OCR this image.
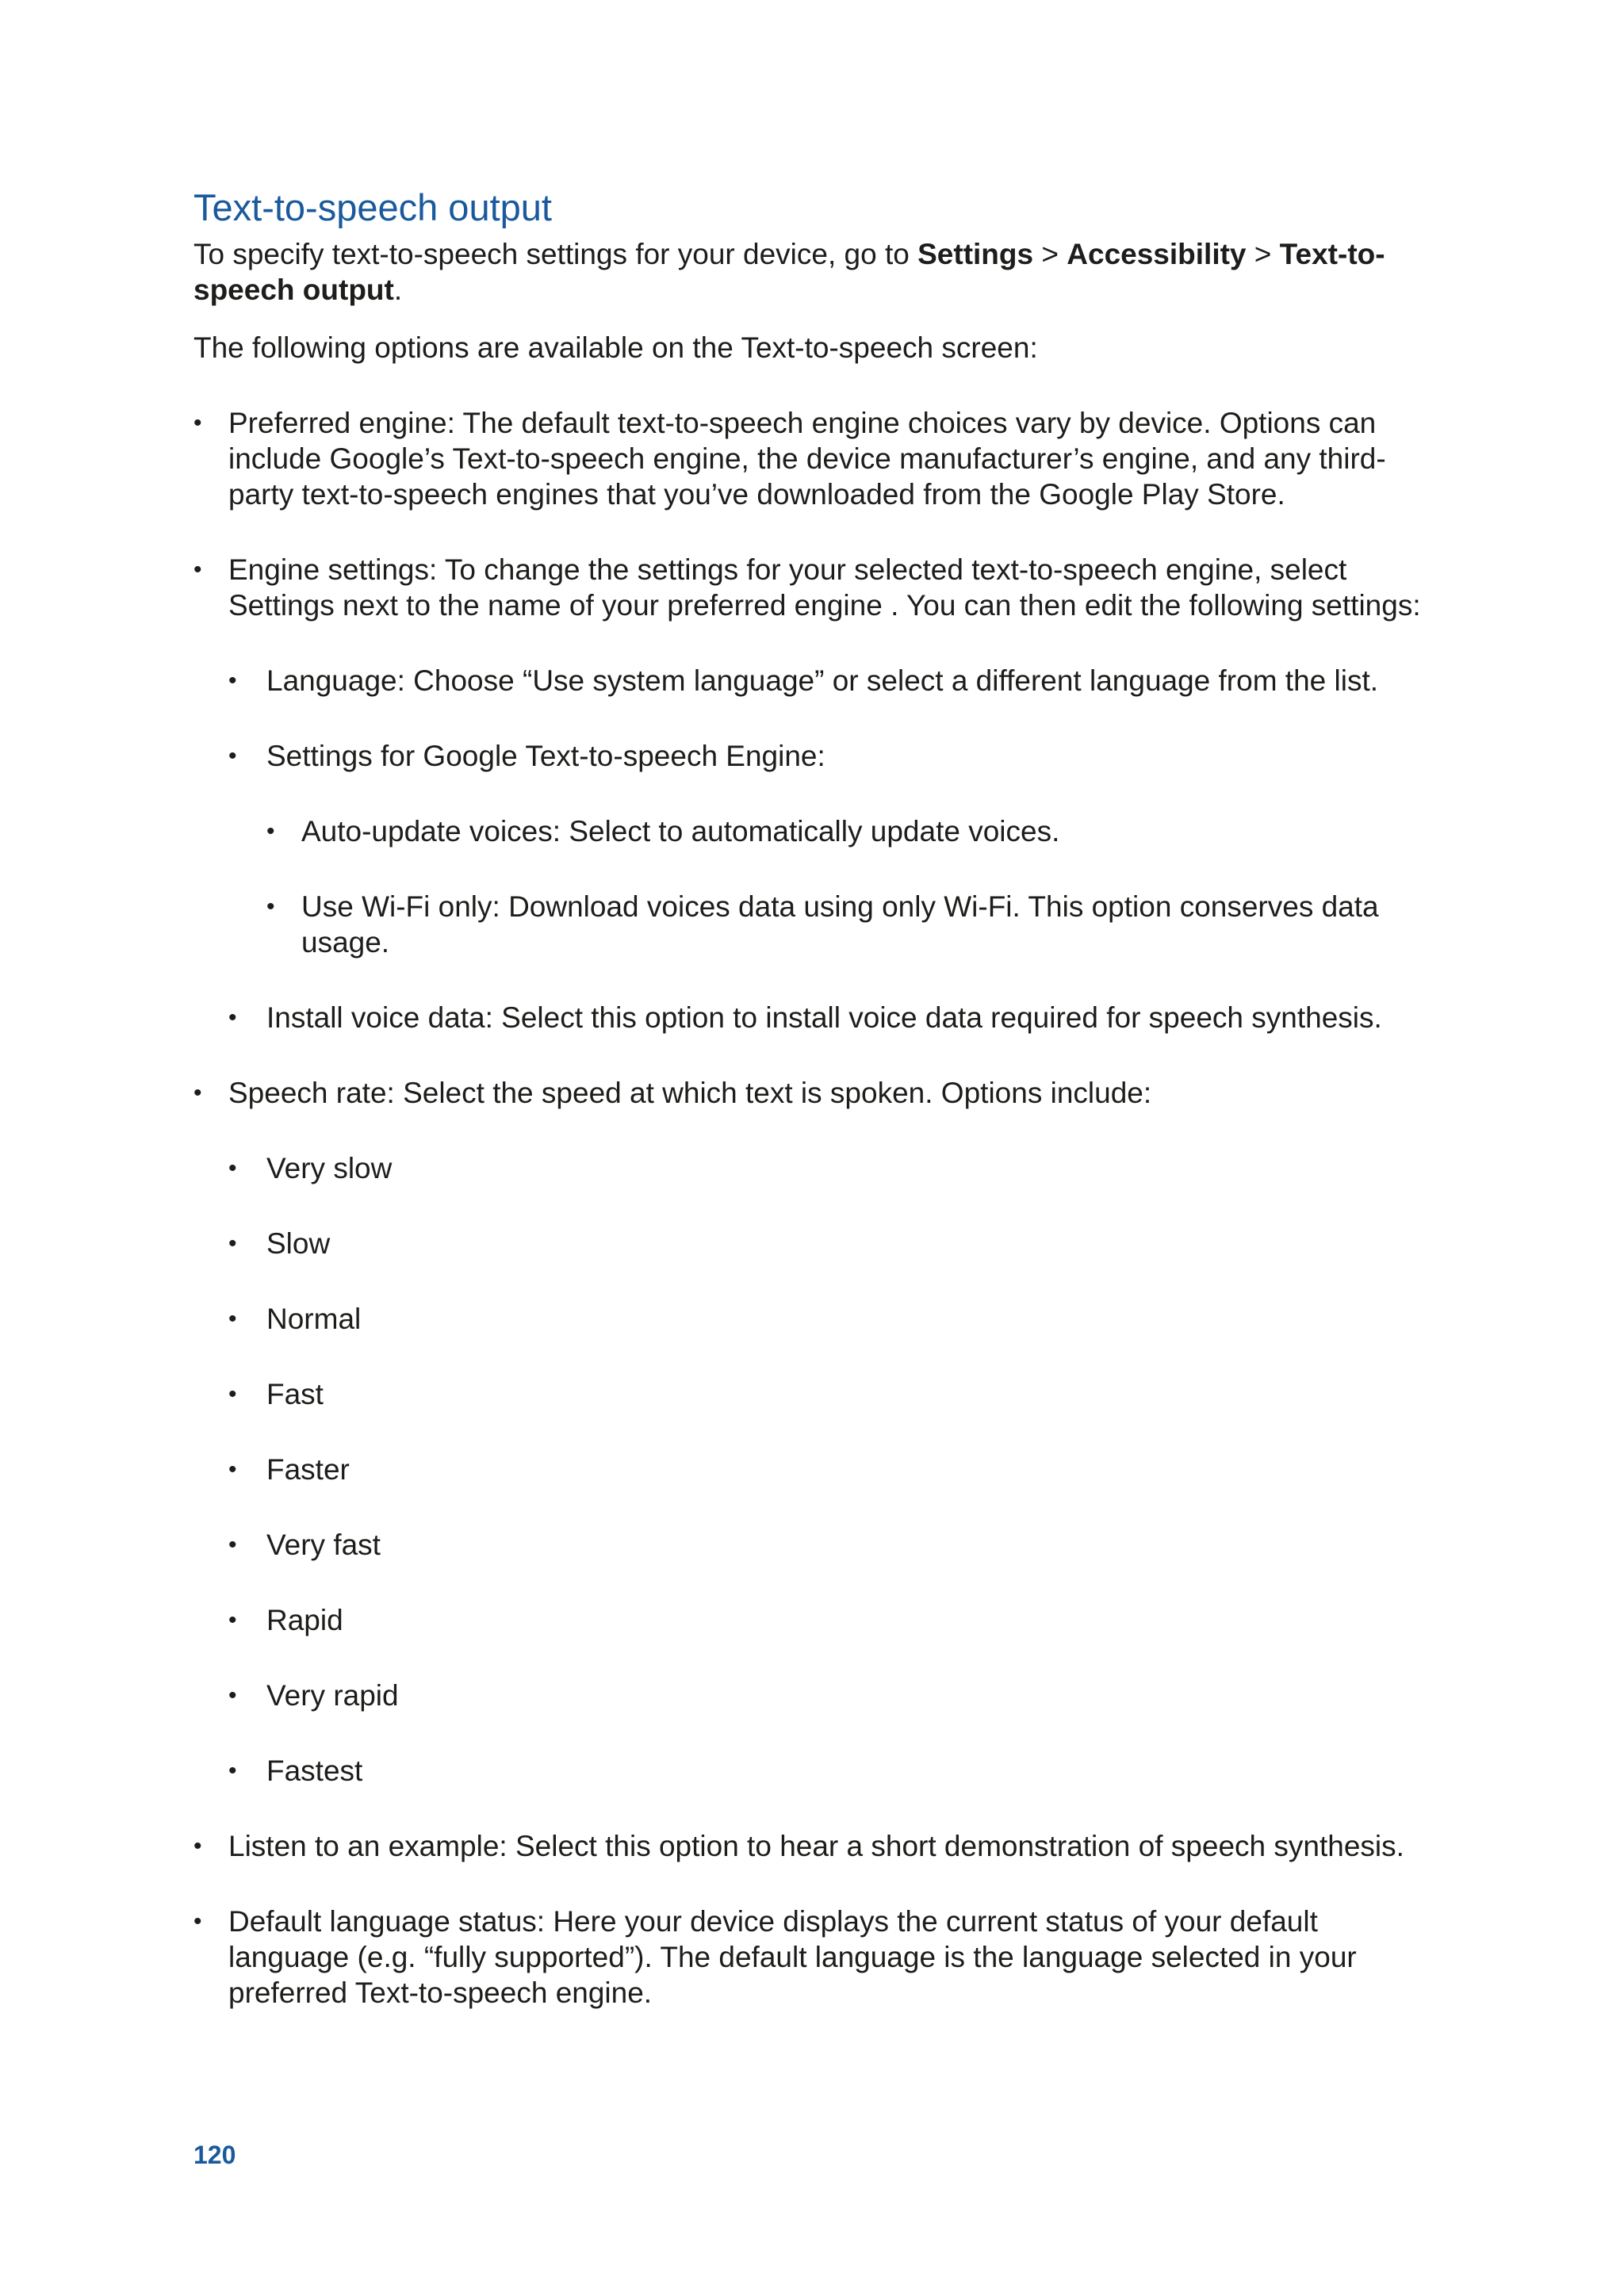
Text-to-speech output

To specify text-to-speech settings for your device, go to Settings > Accessibility > Text-to-speech output.

The following options are available on the Text-to-speech screen:

• Preferred engine: The default text-to-speech engine choices vary by device. Options can include Google’s Text-to-speech engine, the device manufacturer’s engine, and any third-party text-to-speech engines that you’ve downloaded from the Google Play Store.
• Engine settings: To change the settings for your selected text-to-speech engine, select Settings next to the name of your preferred engine . You can then edit the following settings:
• Language: Choose “Use system language” or select a different language from the list.
• Settings for Google Text-to-speech Engine:
• Auto-update voices: Select to automatically update voices.
• Use Wi-Fi only: Download voices data using only Wi-Fi. This option conserves data usage.
• Install voice data: Select this option to install voice data required for speech synthesis.
• Speech rate: Select the speed at which text is spoken. Options include:
• Very slow
• Slow
• Normal
• Fast
• Faster
• Very fast
• Rapid
• Very rapid
• Fastest
• Listen to an example: Select this option to hear a short demonstration of speech synthesis.
• Default language status: Here your device displays the current status of your default language (e.g. “fully supported”). The default language is the language selected in your preferred Text-to-speech engine.
120
